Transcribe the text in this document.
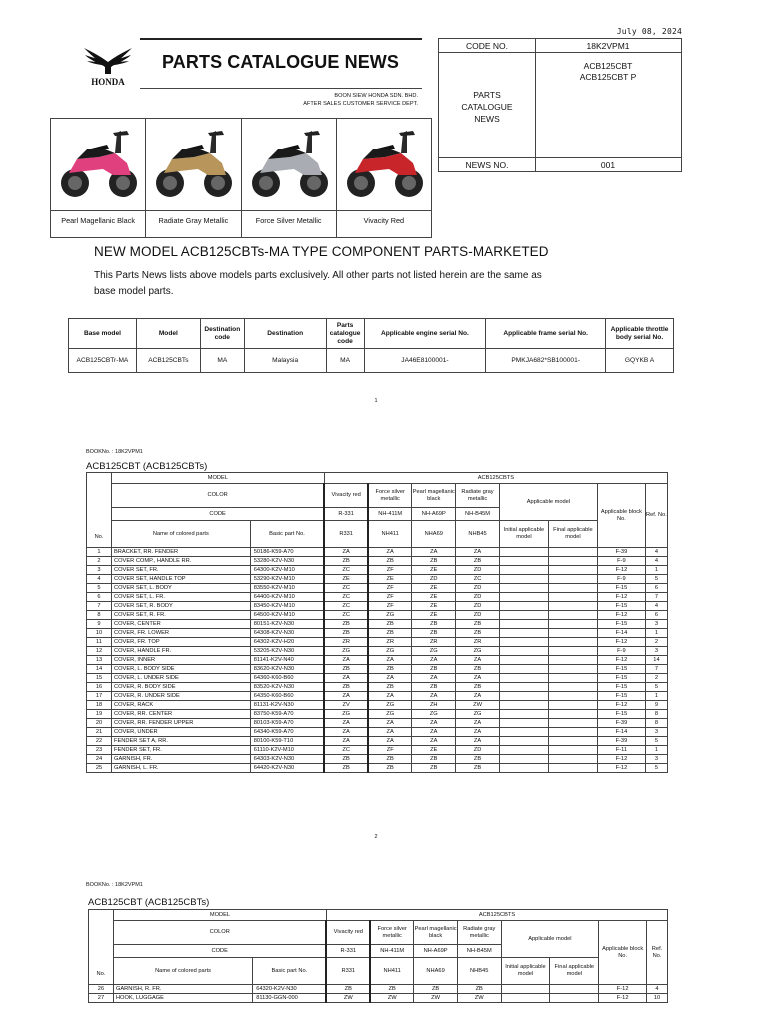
July 08, 2024
HONDA
PARTS CATALOGUE NEWS
BOON SIEW HONDA SDN. BHD.
AFTER SALES CUSTOMER SERVICE DEPT.
CODE NO.	18K2VPM1
PARTS
CATALOGUE
NEWS
ACB125CBT
ACB125CBT P
NEWS NO.	001
Pearl Magellanic Black	Radiate Gray Metallic	Force Silver Metallic	Vivacity Red
NEW MODEL ACB125CBTs-MA TYPE COMPONENT PARTS-MARKETED
This Parts News lists above models parts exclusively. All other parts not listed herein are the same as
base model parts.
Base model	Model	Destination code	Destination	Parts catalogue code	Applicable engine serial No.	Applicable frame serial No.	Applicable throttle body serial No.
ACB125CBTr-MA	ACB125CBTs	MA	Malaysia	MA	JA46E8100001-	PMKJA682*SB100001-	GQYKB A
1
BOOKNo. : 18K2VPM1
ACB125CBT (ACB125CBTs)
No.	MODEL		ACB125CBTS							
	COLOR		Vivacity red	Force silver metallic	Pearl magellanic black	Radiate gray metallic	Applicable model		Applicable block No.	Ref. No.
	CODE		R-331	NH-411M	NH-A69P	NH-B45M				
	Name of colored parts	Basic part No.	R331	NH411	NHA69	NHB45	Initial applicable model	Final applicable model		
1	BRACKET, RR. FENDER	50186-K59-A70	ZA	ZA	ZA	ZA			F-39	4
2	COVER COMP., HANDLE RR.	53280-K2V-N30	ZB	ZB	ZB	ZB			F-9	4
3	COVER SET, FR.	64300-K2V-M10	ZC	ZF	ZE	ZD			F-12	1
4	COVER SET, HANDLE TOP	53290-K2V-M10	ZE	ZE	ZD	ZC			F-9	5
5	COVER SET, L. BODY	83550-K2V-M10	ZC	ZF	ZE	ZD			F-15	6
6	COVER SET, L. FR.	64400-K2V-M10	ZC	ZF	ZE	ZD			F-12	7
7	COVER SET, R. BODY	83450-K2V-M10	ZC	ZF	ZE	ZD			F-15	4
8	COVER SET, R. FR.	64500-K2V-M10	ZC	ZG	ZE	ZD			F-12	6
9	COVER, CENTER	80151-K2V-N30	ZB	ZB	ZB	ZB			F-15	3
10	COVER, FR. LOWER	64308-K2V-N30	ZB	ZB	ZB	ZB			F-14	1
11	COVER, FR. TOP	64302-K2V-H20	ZR	ZR	ZR	ZR			F-12	2
12	COVER, HANDLE FR.	53205-K2V-N30	ZG	ZG	ZG	ZG			F-9	3
13	COVER, INNER	81141-K2V-N40	ZA	ZA	ZA	ZA			F-12	14
14	COVER, L. BODY SIDE	83620-K2V-N30	ZB	ZB	ZB	ZB			F-15	7
15	COVER, L. UNDER SIDE	64360-K60-B60	ZA	ZA	ZA	ZA			F-15	2
16	COVER, R. BODY SIDE	83520-K2V-N30	ZB	ZB	ZB	ZB			F-15	5
17	COVER, R. UNDER SIDE	64350-K60-B60	ZA	ZA	ZA	ZA			F-15	1
18	COVER, RACK	81131-K2V-N30	ZV	ZG	ZH	ZW			F-12	9
19	COVER, RR. CENTER	83750-K59-A70	ZG	ZG	ZG	ZG			F-15	8
20	COVER, RR. FENDER UPPER	80103-K59-A70	ZA	ZA	ZA	ZA			F-39	8
21	COVER, UNDER	64340-K59-A70	ZA	ZA	ZA	ZA			F-14	3
22	FENDER SET A, RR.	80100-K59-T10	ZA	ZA	ZA	ZA			F-39	5
23	FENDER SET, FR.	61110-K2V-M10	ZC	ZF	ZE	ZD			F-11	1
24	GARNISH, FR.	64303-K2V-N30	ZB	ZB	ZB	ZB			F-12	3
25	GARNISH, L. FR.	64420-K2V-N30	ZB	ZB	ZB	ZB			F-12	5
2
BOOKNo. : 18K2VPM1
ACB125CBT (ACB125CBTs)
No.	MODEL		ACB125CBTS							
	COLOR		Vivacity red	Force silver metallic	Pearl magellanic black	Radiate gray metallic	Applicable model		Applicable block No.	Ref. No.
	CODE		R-331	NH-411M	NH-A69P	NH-B45M				
	Name of colored parts	Basic part No.	R331	NH411	NHA69	NHB45	Initial applicable model	Final applicable model		
26	GARNISH, R. FR.	64320-K2V-N30	ZB	ZB	ZB	ZB			F-12	4
27	HOOK, LUGGAGE	81130-GGN-000	ZW	ZW	ZW	ZW			F-12	10
